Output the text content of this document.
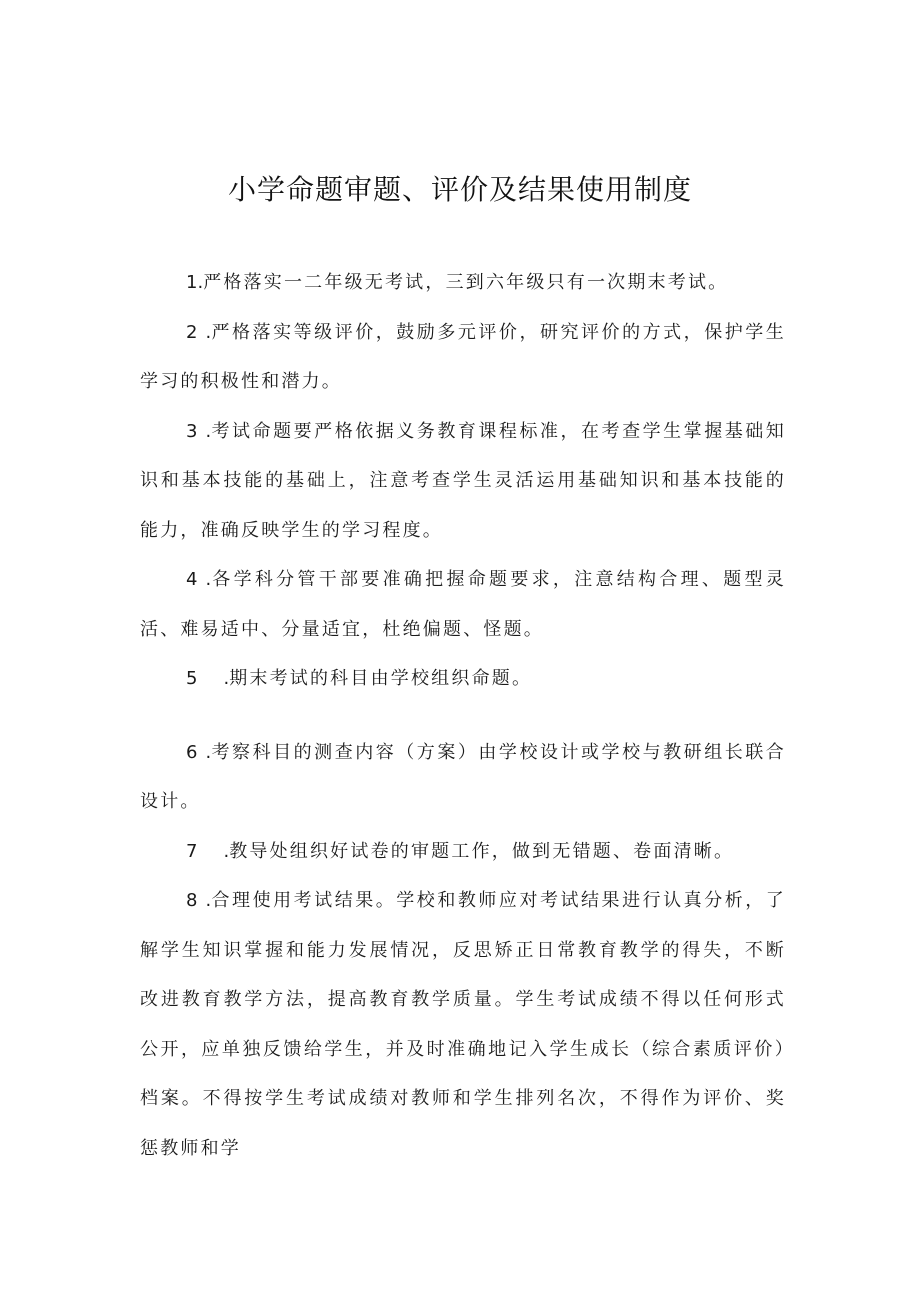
小学命题审题、评价及结果使用制度

1.严格落实一二年级无考试，三到六年级只有一次期末考试。

2 .严格落实等级评价，鼓励多元评价，研究评价的方式，保护学生学习的积极性和潜力。

3 .考试命题要严格依据义务教育课程标准，在考查学生掌握基础知识和基本技能的基础上，注意考查学生灵活运用基础知识和基本技能的能力，准确反映学生的学习程度。

4 .各学科分管干部要准确把握命题要求，注意结构合理、题型灵活、难易适中、分量适宜，杜绝偏题、怪题。

5 .期末考试的科目由学校组织命题。

6 .考察科目的测查内容（方案）由学校设计或学校与教研组长联合设计。

7 .教导处组织好试卷的审题工作，做到无错题、卷面清晰。

8 .合理使用考试结果。学校和教师应对考试结果进行认真分析，了解学生知识掌握和能力发展情况，反思矫正日常教育教学的得失，不断改进教育教学方法，提高教育教学质量。学生考试成绩不得以任何形式公开，应单独反馈给学生，并及时准确地记入学生成长（综合素质评价）档案。不得按学生考试成绩对教师和学生排列名次，不得作为评价、奖惩教师和学
